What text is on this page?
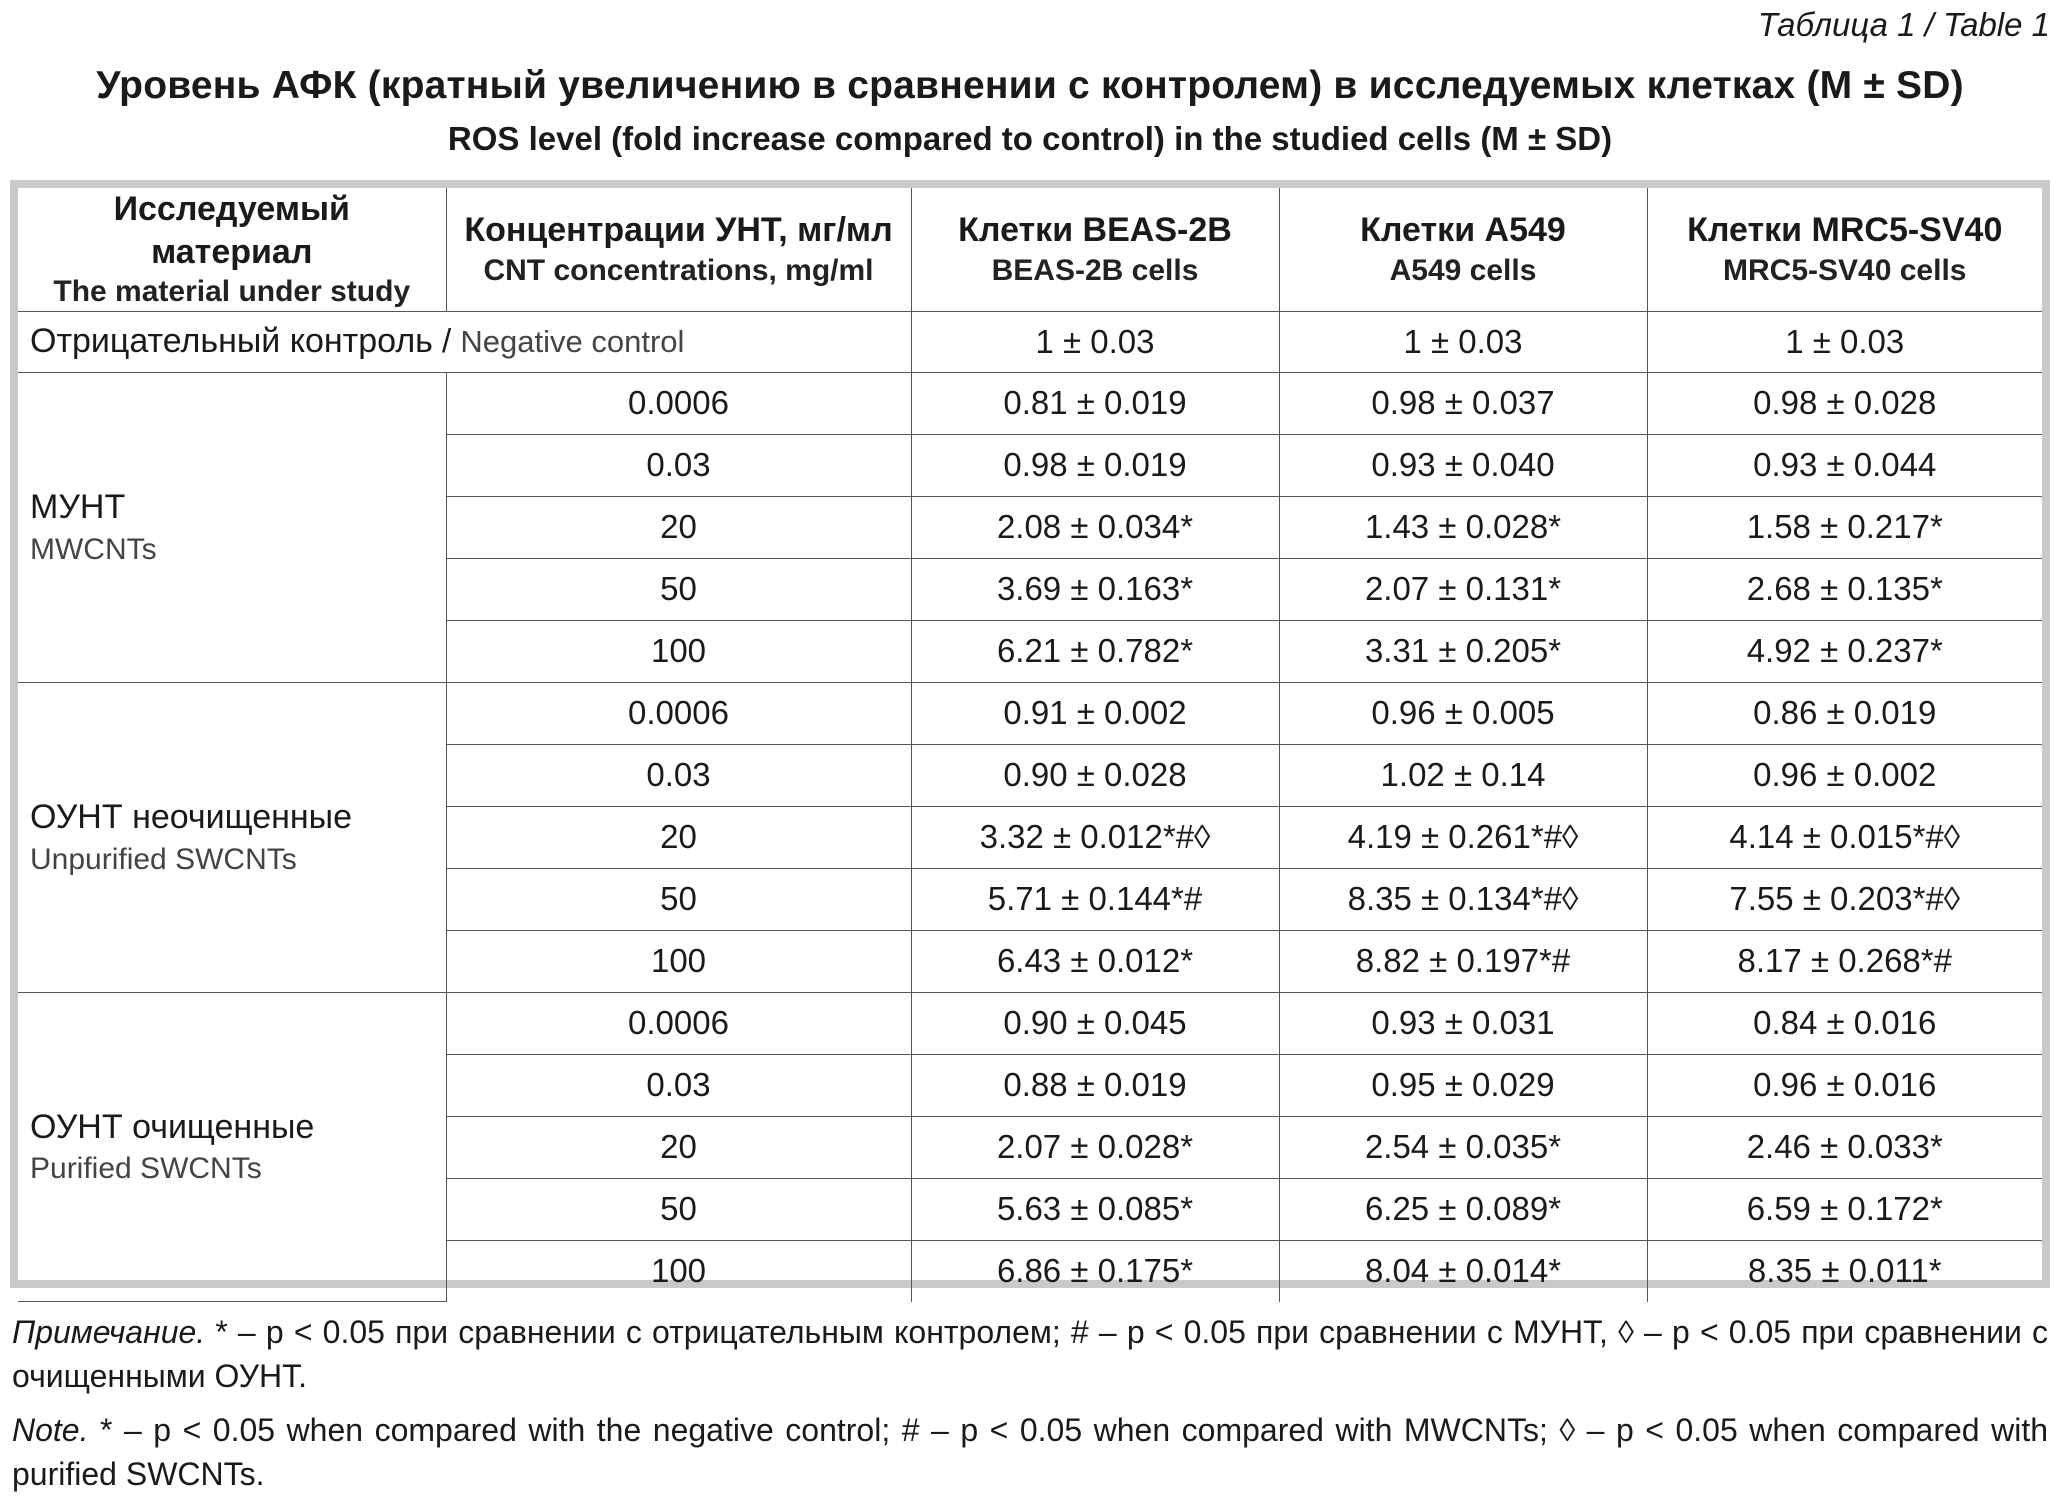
Таблица 1 / Table 1
Уровень АФК (кратный увеличению в сравнении с контролем) в исследуемых клетках (M ± SD)
ROS level (fold increase compared to control) in the studied cells (M ± SD)
Исследуемый материал
The material under study	Концентрации УНТ, мг/мл
CNT concentrations, mg/ml	Клетки BEAS-2B
BEAS-2B cells	Клетки A549
A549 cells	Клетки MRC5-SV40
MRC5-SV40 cells

Отрицательный контроль / Negative control		1 ± 0.03	1 ± 0.03	1 ± 0.03

МУНТ
MWCNTs	0.0006	0.81 ± 0.019	0.98 ± 0.037	0.98 ± 0.028
	0.03	0.98 ± 0.019	0.93 ± 0.040	0.93 ± 0.044
	20	2.08 ± 0.034*	1.43 ± 0.028*	1.58 ± 0.217*
	50	3.69 ± 0.163*	2.07 ± 0.131*	2.68 ± 0.135*
	100	6.21 ± 0.782*	3.31 ± 0.205*	4.92 ± 0.237*

ОУНТ неочищенные
Unpurified SWCNTs	0.0006	0.91 ± 0.002	0.96 ± 0.005	0.86 ± 0.019
	0.03	0.90 ± 0.028	1.02 ± 0.14	0.96 ± 0.002
	20	3.32 ± 0.012*#◊	4.19 ± 0.261*#◊	4.14 ± 0.015*#◊
	50	5.71 ± 0.144*#	8.35 ± 0.134*#◊	7.55 ± 0.203*#◊
	100	6.43 ± 0.012*	8.82 ± 0.197*#	8.17 ± 0.268*#

ОУНТ очищенные
Purified SWCNTs	0.0006	0.90 ± 0.045	0.93 ± 0.031	0.84 ± 0.016
	0.03	0.88 ± 0.019	0.95 ± 0.029	0.96 ± 0.016
	20	2.07 ± 0.028*	2.54 ± 0.035*	2.46 ± 0.033*
	50	5.63 ± 0.085*	6.25 ± 0.089*	6.59 ± 0.172*
	100	6.86 ± 0.175*	8.04 ± 0.014*	8.35 ± 0.011*
Примечание. * – p < 0.05 при сравнении с отрицательным контролем; # – p < 0.05 при сравнении с МУНТ, ◊ – p < 0.05 при сравнении с очищенными ОУНТ.
Note. * – p < 0.05 when compared with the negative control; # – p < 0.05 when compared with MWCNTs; ◊ – p < 0.05 when compared with purified SWCNTs.
